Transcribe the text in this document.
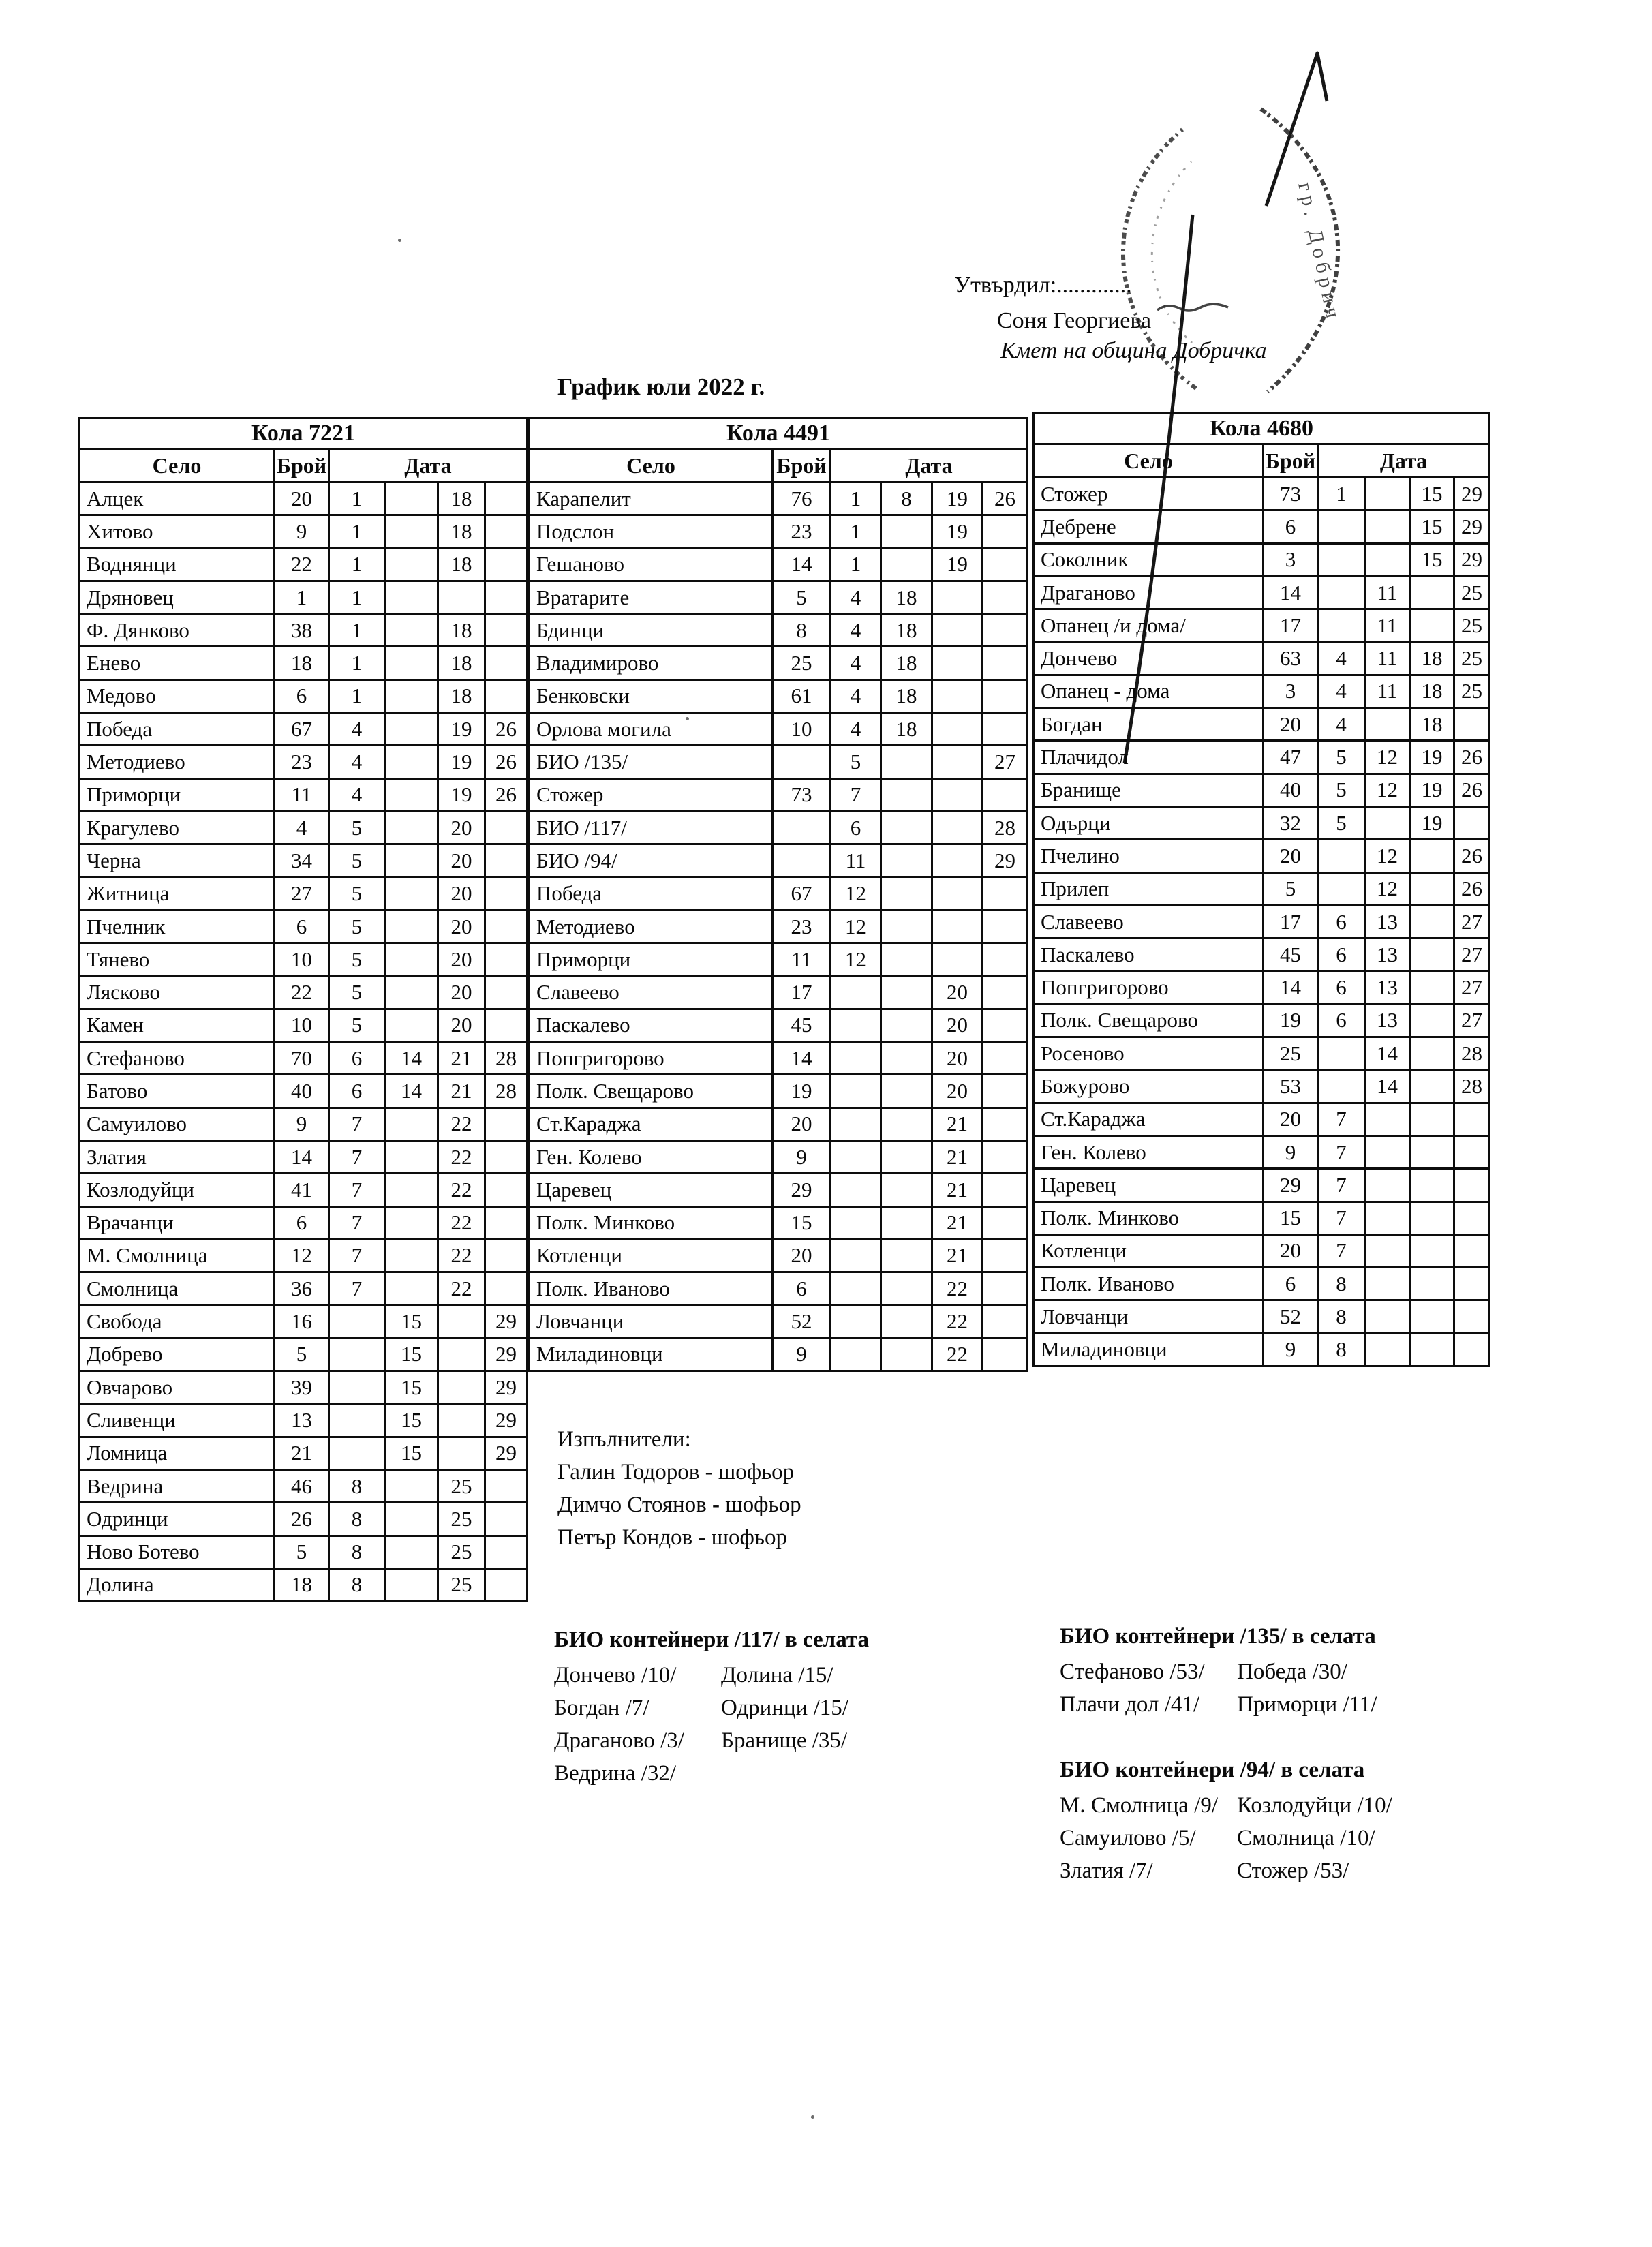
Утвърдил:.............
Соня Георгиева
Кмет на община Добричка
График юли 2022 г.
гр. Добрич
Кола 7221					
Село	Брой	Дата			
Алцек	20	1		18	
Хитово	9	1		18	
Воднянци	22	1		18	
Дряновец	1	1			
Ф. Дянково	38	1		18	
Енево	18	1		18	
Медово	6	1		18	
Победа	67	4		19	26
Методиево	23	4		19	26
Приморци	11	4		19	26
Крагулево	4	5		20	
Черна	34	5		20	
Житница	27	5		20	
Пчелник	6	5		20	
Тянево	10	5		20	
Лясково	22	5		20	
Камен	10	5		20	
Стефаново	70	6	14	21	28
Батово	40	6	14	21	28
Самуилово	9	7		22	
Златия	14	7		22	
Козлодуйци	41	7		22	
Врачанци	6	7		22	
М. Смолница	12	7		22	
Смолница	36	7		22	
Свобода	16		15		29
Добрево	5		15		29
Овчарово	39		15		29
Сливенци	13		15		29
Ломница	21		15		29
Ведрина	46	8		25	
Одринци	26	8		25	
Ново Ботево	5	8		25	
Долина	18	8		25	
Кола 4491					
Село	Брой	Дата			
Карапелит	76	1	8	19	26
Подслон	23	1		19	
Гешаново	14	1		19	
Вратарите	5	4	18		
Бдинци	8	4	18		
Владимирово	25	4	18		
Бенковски	61	4	18		
Орлова могила	10	4	18		
БИО /135/		5			27
Стожер	73	7			
БИО /117/		6			28
БИО /94/		11			29
Победа	67	12			
Методиево	23	12			
Приморци	11	12			
Славеево	17			20	
Паскалево	45			20	
Попгригорово	14			20	
Полк. Свещарово	19			20	
Ст.Караджа	20			21	
Ген. Колево	9			21	
Царевец	29			21	
Полк. Минково	15			21	
Котленци	20			21	
Полк. Иваново	6			22	
Ловчанци	52			22	
Миладиновци	9			22	
Кола 4680					
Село	Брой	Дата			
Стожер	73	1		15	29
Дебрене	6			15	29
Соколник	3			15	29
Драганово	14		11		25
Опанец /и дома/	17		11		25
Дончево	63	4	11	18	25
Опанец - дома	3	4	11	18	25
Богдан	20	4		18	
Плачидол	47	5	12	19	26
Бранище	40	5	12	19	26
Одърци	32	5		19	
Пчелино	20		12		26
Прилеп	5		12		26
Славеево	17	6	13		27
Паскалево	45	6	13		27
Попгригорово	14	6	13		27
Полк. Свещарово	19	6	13		27
Росеново	25		14		28
Божурово	53		14		28
Ст.Караджа	20	7			
Ген. Колево	9	7			
Царевец	29	7			
Полк. Минково	15	7			
Котленци	20	7			
Полк. Иваново	6	8			
Ловчанци	52	8			
Миладиновци	9	8			
Изпълнители:
Галин Тодоров - шофьор
Димчо Стоянов - шофьор
Петър Кондов - шофьор
БИО контейнери /117/ в селата
Дончево /10/
Богдан /7/
Драганово /3/
Ведрина /32/
Долина /15/
Одринци /15/
Бранище /35/
БИО контейнери /135/ в селата
Стефаново /53/
Плачи дол /41/
Победа /30/
Приморци /11/
БИО контейнери /94/ в селата
М. Смолница /9/
Самуилово /5/
Златия /7/
Козлодуйци /10/
Смолница /10/
Стожер /53/
